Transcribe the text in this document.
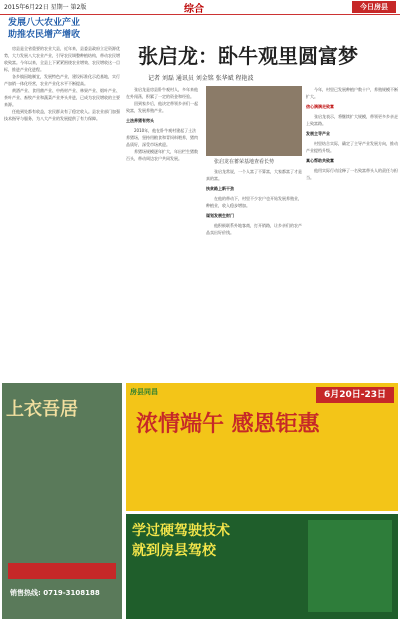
2015年6月22日 星期一 第2版	综合	今日房县
发展八大农业产业
助推农民增产增收

房县是全省重要的农业大县，近年来，县委县政府立足资源优势，大力发展八大农业产业，引导农民调整种植结构，带动农民增收致富。今年以来，全县上下紧紧围绕农业增效、农民增收这一目标，推进产业化进程。

各乡镇因地制宜，发展特色产业，建设标准化示范基地，实行产加销一体化经营，农业产业化水平不断提高。

黄酒产业、食用菌产业、中药材产业、林果产业、烟叶产业、茶叶产业、畜牧产业和蔬菜产业齐头并进，已成为农民增收的主要来源。

任他到处都有收益，农民群众有了稳定收入。县农业部门加强技术指导与服务，为八大产业的发展提供了有力保障。

张启龙：卧牛观里圆富梦
记者 刘磊 通讯员 刘金铭 张华斌 程艳波

张启龙是房县卧牛观村人，多年来他在外闯荡，积累了一定的资金和经验。

回到家乡后，他决定带领乡亲们一起致富，发展养殖产业。

土法养猪有窍头

2010年，他在卧牛观村建起了土法养猪场，坚持用粮食和青饲料喂养，猪肉品质好，深受市场欢迎。

养猪场规模逐年扩大，年出栏生猪数百头，带动周边农户共同发展。

张启龙在蓄荣基地查看长势

张启龙常说，一个人富了不算富，大家都富了才是真的富。

扶贫路上新干劲

在他的带动下，村里不少农户也开始发展养殖业，种植业，收入稳步增加。

谋划发展生财门

他积极联系外地客商，打开销路，让乡亲们的农产品卖出好价钱。

今年，村里已发展种植户数十户，养殖规模不断扩大。

信心满满走致富

张启龙表示，将继续扩大规模，带领更多乡亲走上致富路。

发展主导产业

村里结合实际，确定了主导产业发展方向，推动产业提档升级。

真心帮助共致富

他用实际行动诠释了一名致富带头人的责任与担当。

上衣吾居
销售热线: 0719-3108188
房县同昌	6月20日-23日
浓情端午 感恩钜惠
学过硬驾驶技术
就到房县驾校
